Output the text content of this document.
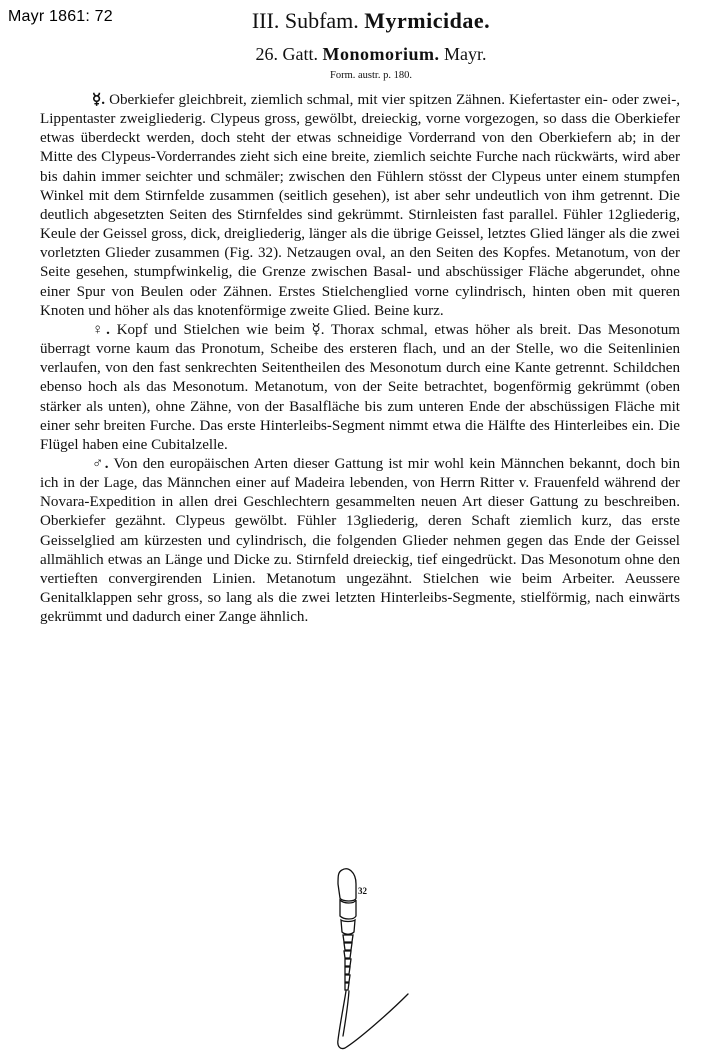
Mayr 1861: 72	III. Subfam. Myrmicidae.
26. Gatt. Monomorium. Mayr.
Form. austr. p. 180.

☿. Oberkiefer gleichbreit, ziemlich schmal, mit vier spitzen Zähnen. Kiefertaster ein- oder zwei-, Lippentaster zweigliederig. Clypeus gross, gewölbt, dreieckig, vorne vorgezogen, so dass die Oberkiefer etwas überdeckt werden, doch steht der etwas schneidige Vorderrand von den Oberkiefern ab; in der Mitte des Clypeus-Vorderrandes zieht sich eine breite, ziemlich seichte Furche nach rückwärts, wird aber bis dahin immer seichter und schmäler; zwischen den Fühlern stösst der Clypeus unter einem stumpfen Winkel mit dem Stirnfelde zusammen (seitlich gesehen), ist aber sehr undeutlich von ihm getrennt. Die deutlich abgesetzten Seiten des Stirnfeldes sind gekrümmt. Stirnleisten fast parallel. Fühler 12gliederig, Keule der Geissel gross, dick, dreigliederig, länger als die übrige Geissel, letztes Glied länger als die zwei vorletzten Glieder zusammen (Fig. 32). Netzaugen oval, an den Seiten des Kopfes. Metanotum, von der Seite gesehen, stumpfwinkelig, die Grenze zwischen Basal- und abschüssiger Fläche abgerundet, ohne einer Spur von Beulen oder Zähnen. Erstes Stielchenglied vorne cylindrisch, hinten oben mit queren Knoten und höher als das knotenförmige zweite Glied. Beine kurz.

♀. Kopf und Stielchen wie beim ☿. Thorax schmal, etwas höher als breit. Das Mesonotum überragt vorne kaum das Pronotum, Scheibe des ersteren flach, und an der Stelle, wo die Seitenlinien verlaufen, von den fast senkrechten Seitentheilen des Mesonotum durch eine Kante getrennt. Schildchen ebenso hoch als das Mesonotum. Metanotum, von der Seite betrachtet, bogenförmig gekrümmt (oben stärker als unten), ohne Zähne, von der Basalfläche bis zum unteren Ende der abschüssigen Fläche mit einer sehr breiten Furche. Das erste Hinterleibs-Segment nimmt etwa die Hälfte des Hinterleibes ein. Die Flügel haben eine Cubitalzelle.

♂. Von den europäischen Arten dieser Gattung ist mir wohl kein Männchen bekannt, doch bin ich in der Lage, das Männchen einer auf Madeira lebenden, von Herrn Ritter v. Frauenfeld während der Novara-Expedition in allen drei Geschlechtern gesammelten neuen Art dieser Gattung zu beschreiben. Oberkiefer gezähnt. Clypeus gewölbt. Fühler 13gliederig, deren Schaft ziemlich kurz, das erste Geisselglied am kürzesten und cylindrisch, die folgenden Glieder nehmen gegen das Ende der Geissel allmählich etwas an Länge und Dicke zu. Stirnfeld dreieckig, tief eingedrückt. Das Mesonotum ohne den vertieften convergirenden Linien. Metanotum ungezähnt. Stielchen wie beim Arbeiter. Aeussere Genitalklappen sehr gross, so lang als die zwei letzten Hinterleibs-Segmente, stielförmig, nach einwärts gekrümmt und dadurch einer Zange ähnlich.

32
